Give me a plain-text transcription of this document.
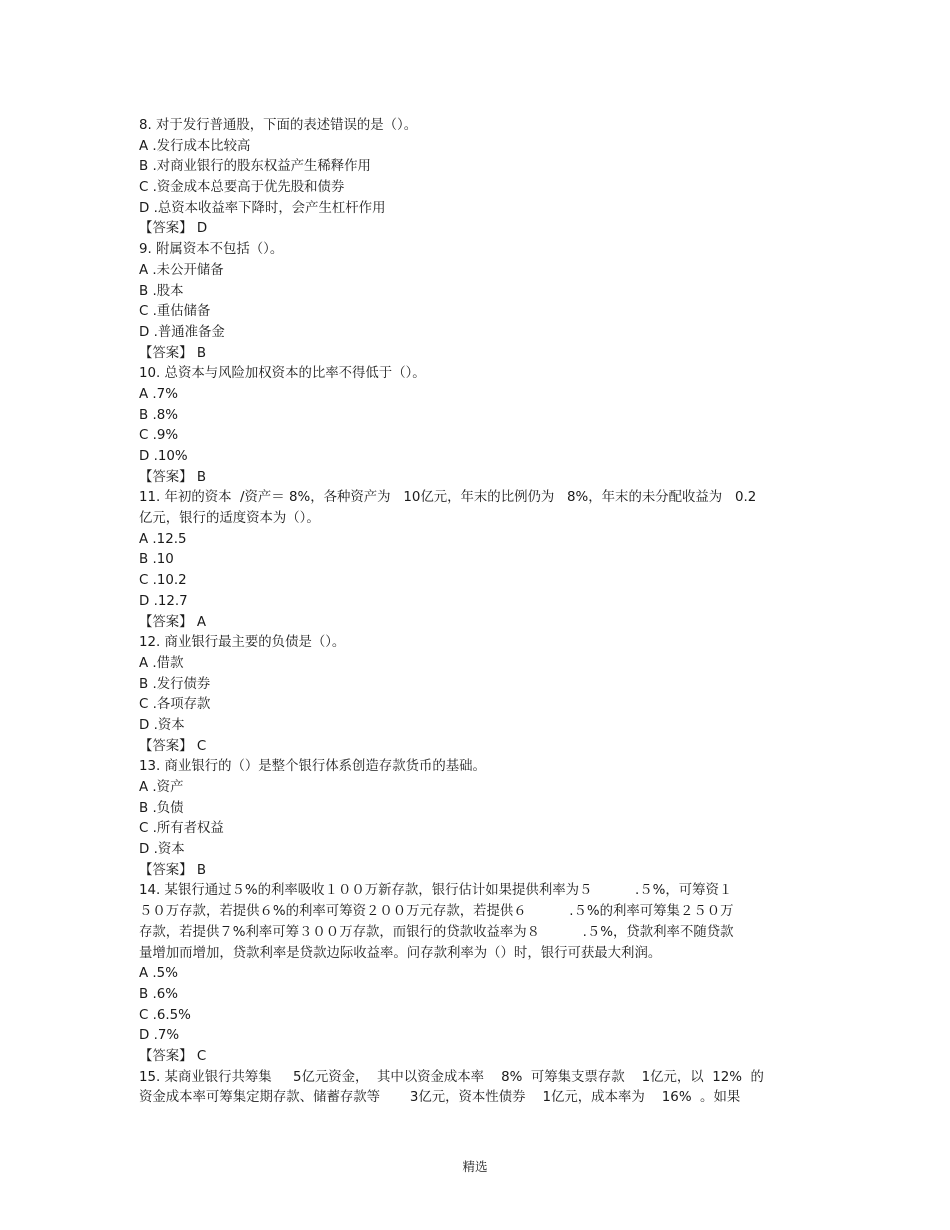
8. 对于发行普通股，下面的表述错误的是（）。
A .发行成本比较高
B .对商业银行的股东权益产生稀释作用
C .资金成本总要高于优先股和债券
D .总资本收益率下降时，会产生杠杆作用
【答案】 D
9. 附属资本不包括（）。
A .未公开储备
B .股本
C .重估储备
D .普通准备金
【答案】 B
10. 总资本与风险加权资本的比率不得低于（）。
A .7%
B .8%
C .9%
D .10%
【答案】 B
11. 年初的资本  /资产＝ 8%，各种资产为   10亿元，年末的比例仍为   8%，年末的未分配收益为   0.2
亿元，银行的适度资本为（）。
A .12.5
B .10
C .10.2
D .12.7
【答案】 A
12. 商业银行最主要的负债是（）。
A .借款
B .发行债券
C .各项存款
D .资本
【答案】 C
13. 商业银行的（）是整个银行体系创造存款货币的基础。
A .资产
B .负债
C .所有者权益
D .资本
【答案】 B
14. 某银行通过５%的利率吸收１００万新存款，银行估计如果提供利率为５          .５%，可筹资１
５０万存款，若提供６%的利率可筹资２００万元存款，若提供６          .５%的利率可筹集２５０万
存款，若提供７%利率可筹３００万存款，而银行的贷款收益率为８          .５%，贷款利率不随贷款
量增加而增加，贷款利率是贷款边际收益率。问存款利率为（）时，银行可获最大利润。
A .5%
B .6%
C .6.5%
D .7%
【答案】 C
15. 某商业银行共筹集     5亿元资金，  其中以资金成本率    8%  可筹集支票存款    1亿元，以  12%  的
资金成本率可筹集定期存款、储蓄存款等       3亿元，资本性债券    1亿元，成本率为    16%  。如果
精选
